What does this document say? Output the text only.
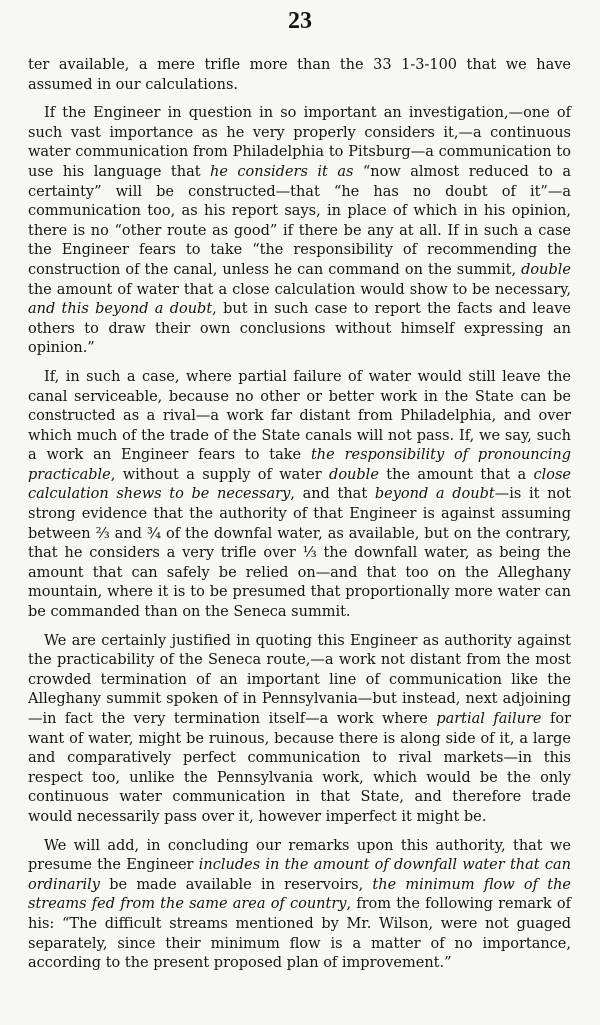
23

ter available, a mere trifle more than the 33 1-3-100 that we have assumed in our calculations.

If the Engineer in question in so important an investigation,—one of such vast importance as he very properly considers it,—a continuous water communication from Philadelphia to Pitsburg—a communication to use his language that he considers it as “now almost reduced to a certainty” will be constructed—that “he has no doubt of it”—a communication too, as his report says, in place of which in his opinion, there is no “other route as good” if there be any at all. If in such a case the Engineer fears to take “the responsibility of recommending the construction of the canal, unless he can command on the summit, double the amount of water that a close calculation would show to be necessary, and this beyond a doubt, but in such case to report the facts and leave others to draw their own conclusions without himself expressing an opinion.”

If, in such a case, where partial failure of water would still leave the canal serviceable, because no other or better work in the State can be constructed as a rival—a work far distant from Philadelphia, and over which much of the trade of the State canals will not pass. If, we say, such a work an Engineer fears to take the responsibility of pronouncing practicable, without a supply of water double the amount that a close calculation shews to be necessary, and that beyond a doubt—is it not strong evidence that the authority of that Engineer is against assuming between ⅔ and ¾ of the downfal water, as available, but on the contrary, that he considers a very trifle over ⅓ the downfall water, as being the amount that can safely be relied on—and that too on the Alleghany mountain, where it is to be presumed that proportionally more water can be commanded than on the Seneca summit.

We are certainly justified in quoting this Engineer as authority against the practicability of the Seneca route,—a work not distant from the most crowded termination of an important line of communication like the Alleghany summit spoken of in Pennsylvania—but instead, next adjoining—in fact the very termination itself—a work where partial failure for want of water, might be ruinous, because there is along side of it, a large and comparatively perfect communication to rival markets—in this respect too, unlike the Pennsylvania work, which would be the only continuous water communication in that State, and therefore trade would necessarily pass over it, however imperfect it might be.

We will add, in concluding our remarks upon this authority, that we presume the Engineer includes in the amount of downfall water that can ordinarily be made available in reservoirs, the minimum flow of the streams fed from the same area of country, from the following remark of his: “The difficult streams mentioned by Mr. Wilson, were not guaged separately, since their minimum flow is a matter of no importance, according to the present proposed plan of improvement.”
